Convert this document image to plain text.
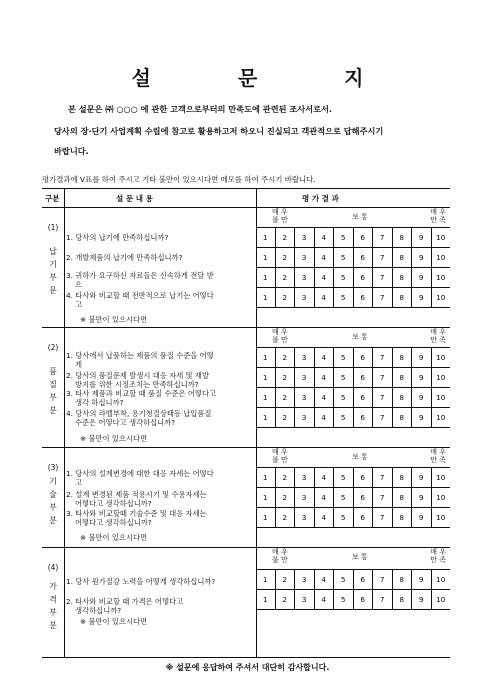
설 문 지
본 설문은 ㈜ ○○○ 에 관한 고객으로부터의 만족도에 관련된 조사서로서.
당사의 장·단기 사업계획 수립에 참고로 활용하고저 하오니 진실되고 객관적으로 답해주시기
바랍니다.
평가결과에 V표를 하여 주시고 기타 불만이 있으시다면 메모를 하여 주시기 바랍니다.
구분	설 문 내 용	평 가 결 과
(1)
납
기
부
문
1. 당사의 납기에 만족하십니까?	1	2	3	4	5	6	7	8	9	10
2. 개발제품의 납기에 만족하십니까?	1	2	3	4	5	6	7	8	9	10
3. 귀하가 요구하신 자료들은 신속하게 전달 받
으
1	2	3	4	5	6	7	8	9	10
4. 타사와 비교할 때 전반적으로 납기는 어떻다
고
1	2	3	4	5	6	7	8	9	10
매 우
불 만	보 통
매 우
만 족
※ 불만이 있으시다면
(2)
품
질
부
분
1. 당사에서 납품하는 제품의 품질 수준을 어떻
게
1	2	3	4	5	6	7	8	9	10
2. 당사의 품질문제 발생시 대응 자세 및 재발
방지를 위한 시정조치는 만족하십니까?
1	2	3	4	5	6	7	8	9	10
3. 타사 제품과 비교할 때 품질 수준은 어떻다고
생각 하십니까?
1	2	3	4	5	6	7	8	9	10
4. 당사의 라벨부착, 용기청결상태등 납입품질
수준은 어떻다고 생각하십니까?
1	2	3	4	5	6	7	8	9	10
매 우
불 만	보 통
매 우
만 족
※ 불만이 있으시다면
(3)
기
술
부
분
1. 당사의 설계변경에 대한 대응 자세는 어떻다
고
1	2	3	4	5	6	7	8	9	10
2. 설계 변경된 제품 적용시기 및 수용자세는
어떻다고 생각하십니까?
1	2	3	4	5	6	7	8	9	10
3. 타사와 비교할때 기술수준 및 대응 자세는
어떻다고 생각하십니까?
1	2	3	4	5	6	7	8	9	10
매 우
불 만	보 통
매 우
만 족
※ 불만이 있으시다면
(4)
가
격
부
분
1. 당사 원가절감 노력을 어떻게 생각하십니까?	1	2	3	4	5	6	7	8	9	10
2. 타사와 비교할 때 가격은 어떻다고
생각하십니까?
1	2	3	4	5	6	7	8	9	10
매 우
불 만	보 통
매 우
만 족
※ 불만이 있으시다면
※ 설문에 응답하여 주셔서 대단히 감사합니다.
